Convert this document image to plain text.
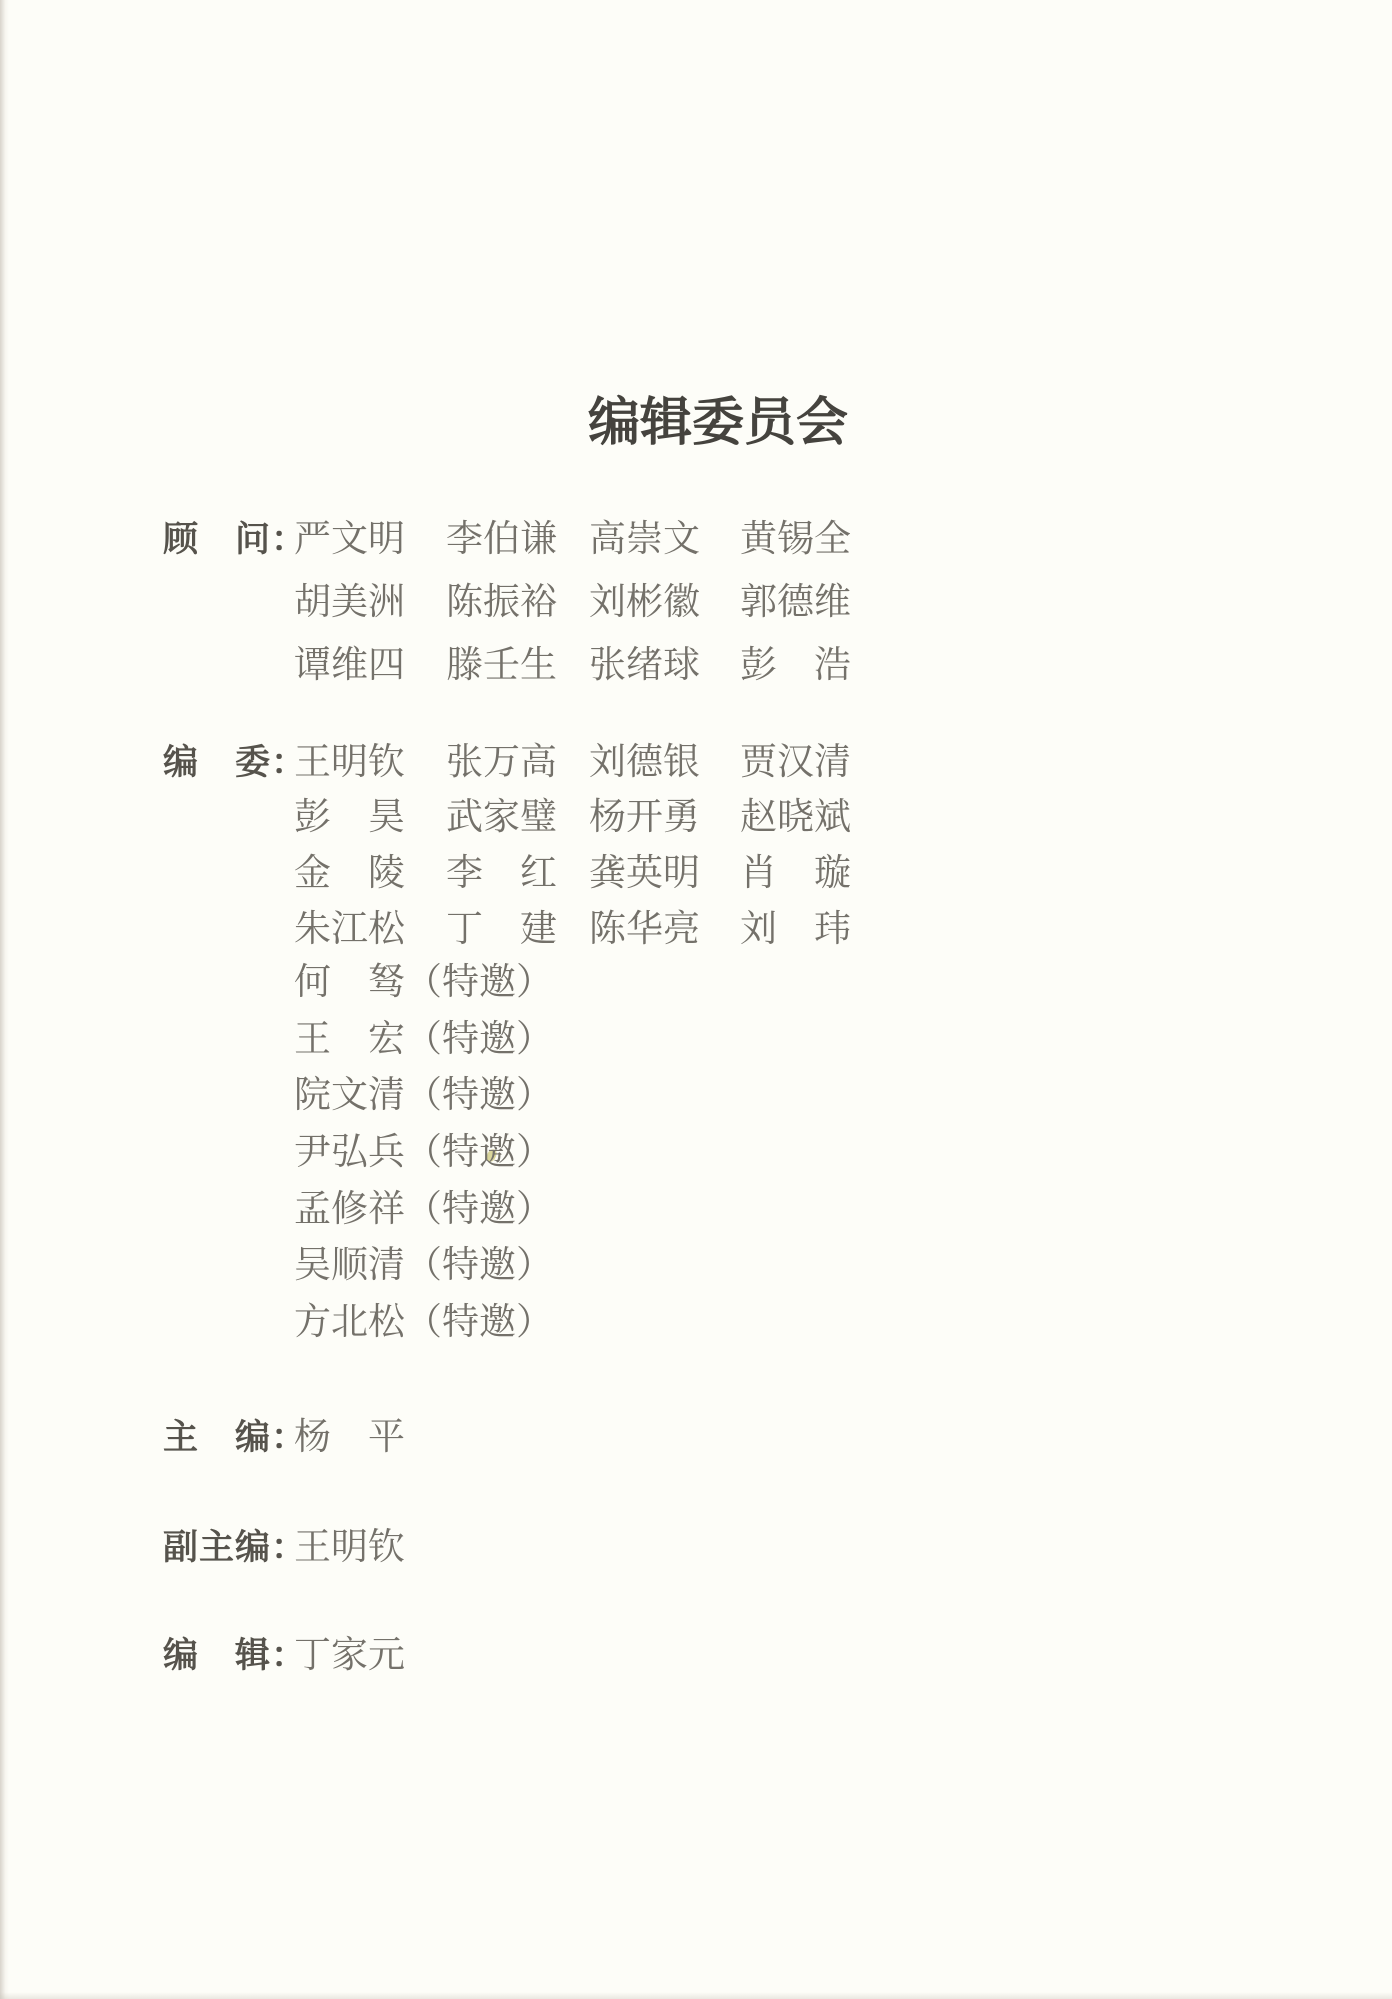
编辑委员会
顾　问：
严文明 李伯谦 高崇文 黄锡全
胡美洲 陈振裕 刘彬徽 郭德维
谭维四 滕壬生 张绪球 彭　浩
编　委：
王明钦 张万高 刘德银 贾汉清
彭　昊 武家璧 杨开勇 赵晓斌
金　陵 李　红 龚英明 肖　璇
朱江松 丁　建 陈华亮 刘　玮
何　驽 （特邀）
王　宏 （特邀）
院文清 （特邀）
尹弘兵 （特邀）
孟修祥 （特邀）
吴顺清 （特邀）
方北松 （特邀）
主　编：
杨　平
副主编：
王明钦
编　辑：
丁家元
